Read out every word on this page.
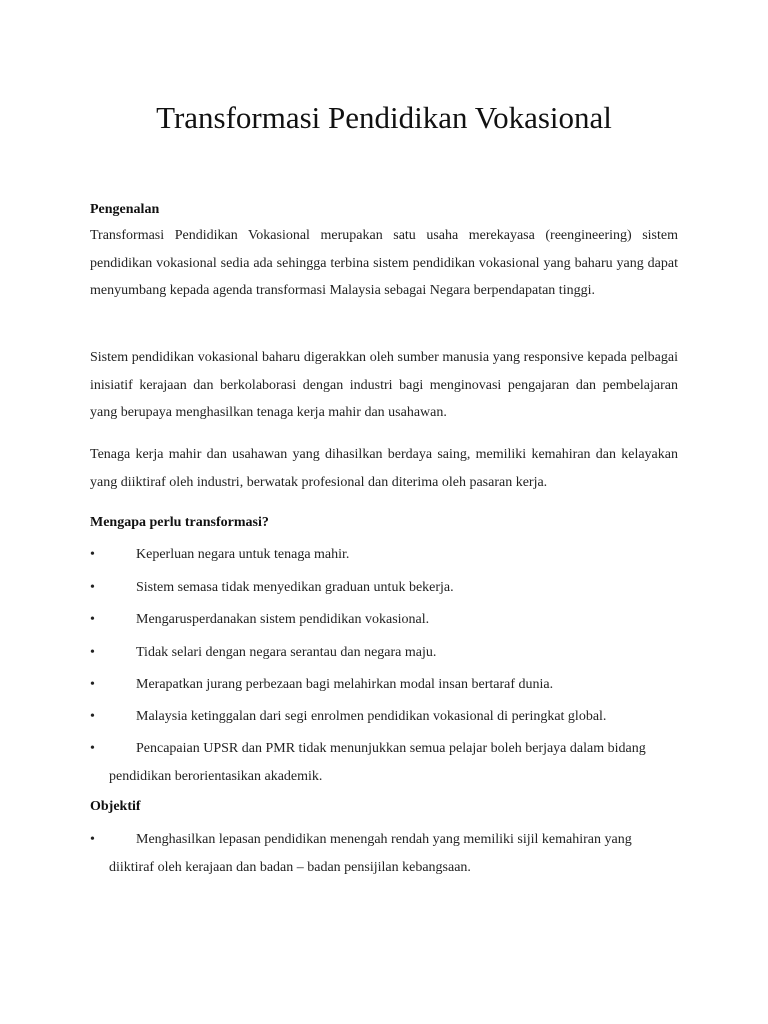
Transformasi Pendidikan Vokasional

Pengenalan

Transformasi Pendidikan Vokasional merupakan satu usaha merekayasa (reengineering) sistem pendidikan vokasional sedia ada sehingga terbina sistem pendidikan vokasional yang baharu yang dapat menyumbang kepada agenda transformasi Malaysia sebagai Negara berpendapatan tinggi.

Sistem pendidikan vokasional baharu digerakkan oleh sumber manusia yang responsive kepada pelbagai inisiatif kerajaan dan berkolaborasi dengan industri bagi menginovasi pengajaran dan pembelajaran yang berupaya menghasilkan tenaga kerja mahir dan usahawan.

Tenaga kerja mahir dan usahawan yang dihasilkan berdaya saing, memiliki kemahiran dan kelayakan yang diiktiraf oleh industri, berwatak profesional dan diterima oleh pasaran kerja.

Mengapa perlu transformasi?

•	Keperluan negara untuk tenaga mahir.
•	Sistem semasa tidak menyedikan graduan untuk bekerja.
•	Mengarusperdanakan sistem pendidikan vokasional.
•	Tidak selari dengan negara serantau dan negara maju.
•	Merapatkan jurang perbezaan bagi melahirkan modal insan bertaraf dunia.
•	Malaysia ketinggalan dari segi enrolmen pendidikan vokasional di peringkat global.
•	Pencapaian UPSR dan PMR tidak menunjukkan semua pelajar boleh berjaya dalam bidang pendidikan berorientasikan akademik.

Objektif

•	Menghasilkan lepasan pendidikan menengah rendah yang memiliki sijil kemahiran yang diiktiraf oleh kerajaan dan badan – badan pensijilan kebangsaan.
